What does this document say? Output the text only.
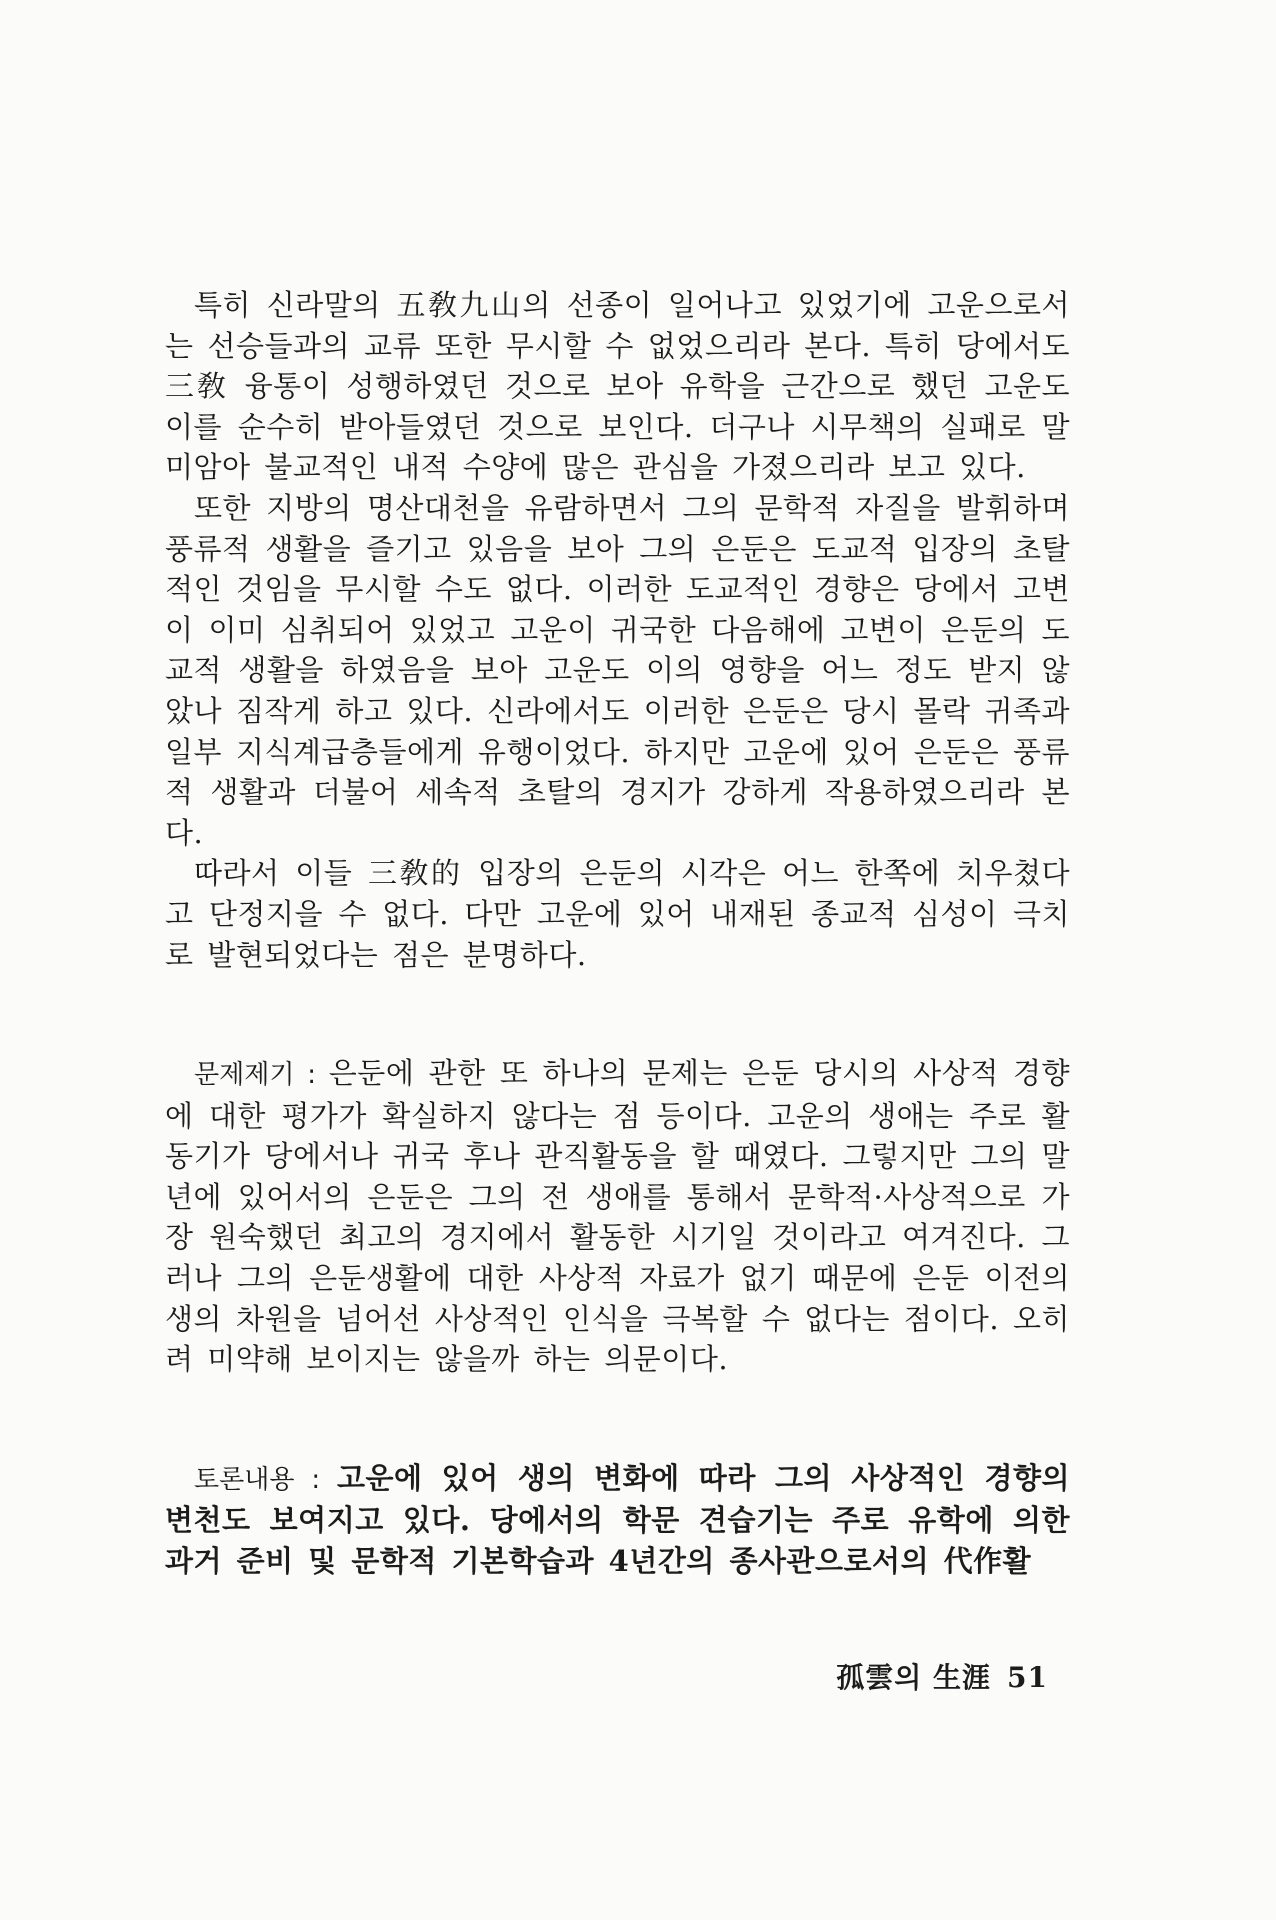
특히 신라말의 五敎九山의 선종이 일어나고 있었기에 고운으로서는 선승들과의 교류 또한 무시할 수 없었으리라 본다. 특히 당에서도 三敎 융통이 성행하였던 것으로 보아 유학을 근간으로 했던 고운도 이를 순수히 받아들였던 것으로 보인다. 더구나 시무책의 실패로 말미암아 불교적인 내적 수양에 많은 관심을 가졌으리라 보고 있다.

또한 지방의 명산대천을 유람하면서 그의 문학적 자질을 발휘하며 풍류적 생활을 즐기고 있음을 보아 그의 은둔은 도교적 입장의 초탈적인 것임을 무시할 수도 없다. 이러한 도교적인 경향은 당에서 고변이 이미 심취되어 있었고 고운이 귀국한 다음해에 고변이 은둔의 도교적 생활을 하였음을 보아 고운도 이의 영향을 어느 정도 받지 않았나 짐작게 하고 있다. 신라에서도 이러한 은둔은 당시 몰락 귀족과 일부 지식계급층들에게 유행이었다. 하지만 고운에 있어 은둔은 풍류적 생활과 더불어 세속적 초탈의 경지가 강하게 작용하였으리라 본다.

따라서 이들 三敎的 입장의 은둔의 시각은 어느 한쪽에 치우쳤다고 단정지을 수 없다. 다만 고운에 있어 내재된 종교적 심성이 극치로 발현되었다는 점은 분명하다.

문제제기 : 은둔에 관한 또 하나의 문제는 은둔 당시의 사상적 경향에 대한 평가가 확실하지 않다는 점 등이다. 고운의 생애는 주로 활동기가 당에서나 귀국 후나 관직활동을 할 때였다. 그렇지만 그의 말년에 있어서의 은둔은 그의 전 생애를 통해서 문학적·사상적으로 가장 원숙했던 최고의 경지에서 활동한 시기일 것이라고 여겨진다. 그러나 그의 은둔생활에 대한 사상적 자료가 없기 때문에 은둔 이전의 생의 차원을 넘어선 사상적인 인식을 극복할 수 없다는 점이다. 오히려 미약해 보이지는 않을까 하는 의문이다.

토론내용 : 고운에 있어 생의 변화에 따라 그의 사상적인 경향의 변천도 보여지고 있다. 당에서의 학문 견습기는 주로 유학에 의한 과거 준비 및 문학적 기본학습과 4년간의 종사관으로서의 代作활

孤雲의 生涯 51
